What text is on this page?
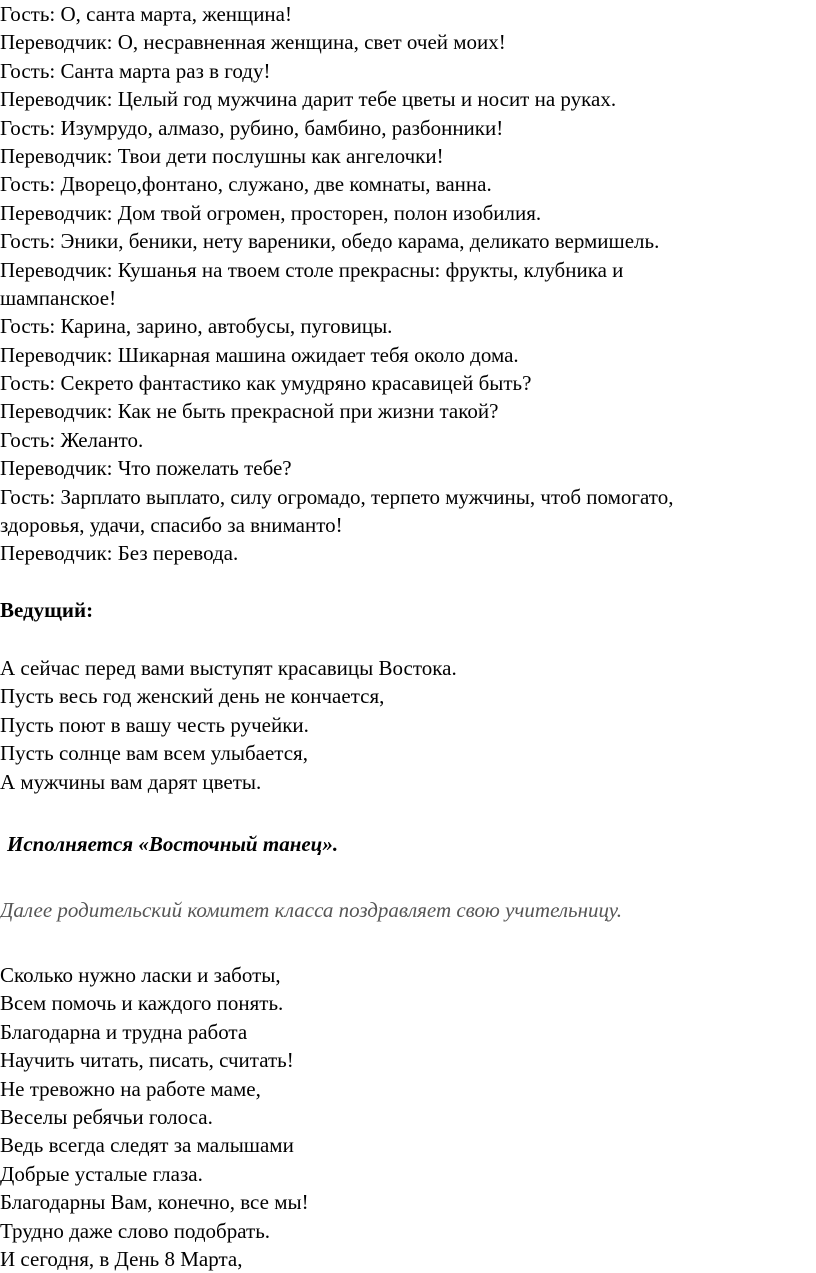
Гость: О, санта марта, женщина!
Переводчик: О, несравненная женщина, свет очей моих!
Гость: Санта марта раз в году!
Переводчик: Целый год мужчина дарит тебе цветы и носит на руках.
Гость: Изумрудо, алмазо, рубино, бамбино, разбонники!
Переводчик: Твои дети послушны как ангелочки!
Гость: Дворецо,фонтано, служано, две комнаты, ванна.
Переводчик: Дом твой огромен, просторен, полон изобилия.
Гость: Эники, беники, нету вареники, обедо карама, деликато вермишель.
Переводчик: Кушанья на твоем столе прекрасны: фрукты, клубника и
шампанское!
Гость: Карина, зарино, автобусы, пуговицы.
Переводчик: Шикарная машина ожидает тебя около дома.
Гость: Секрето фантастико как умудряно красавицей быть?
Переводчик: Как не быть прекрасной при жизни такой?
Гость: Желанто.
Переводчик: Что пожелать тебе?
Гость: Зарплато выплато, силу огромадо, терпето мужчины, чтоб помогато,
здоровья, удачи, спасибо за вниманто!
Переводчик: Без перевода.
Ведущий:
А сейчас перед вами выступят красавицы Востока.
Пусть весь год женский день не кончается,
Пусть поют в вашу честь ручейки.
Пусть солнце вам всем улыбается,
А мужчины вам дарят цветы.
Исполняется «Восточный танец».
Далее родительский комитет класса поздравляет свою учительницу.
Сколько нужно ласки и заботы,
Всем помочь и каждого понять.
Благодарна и трудна работа
Научить читать, писать, считать!
Не тревожно на работе маме,
Веселы ребячьи голоса.
Ведь всегда следят за малышами
Добрые усталые глаза.
Благодарны Вам, конечно, все мы!
Трудно даже слово подобрать.
И сегодня, в День 8 Марта,
